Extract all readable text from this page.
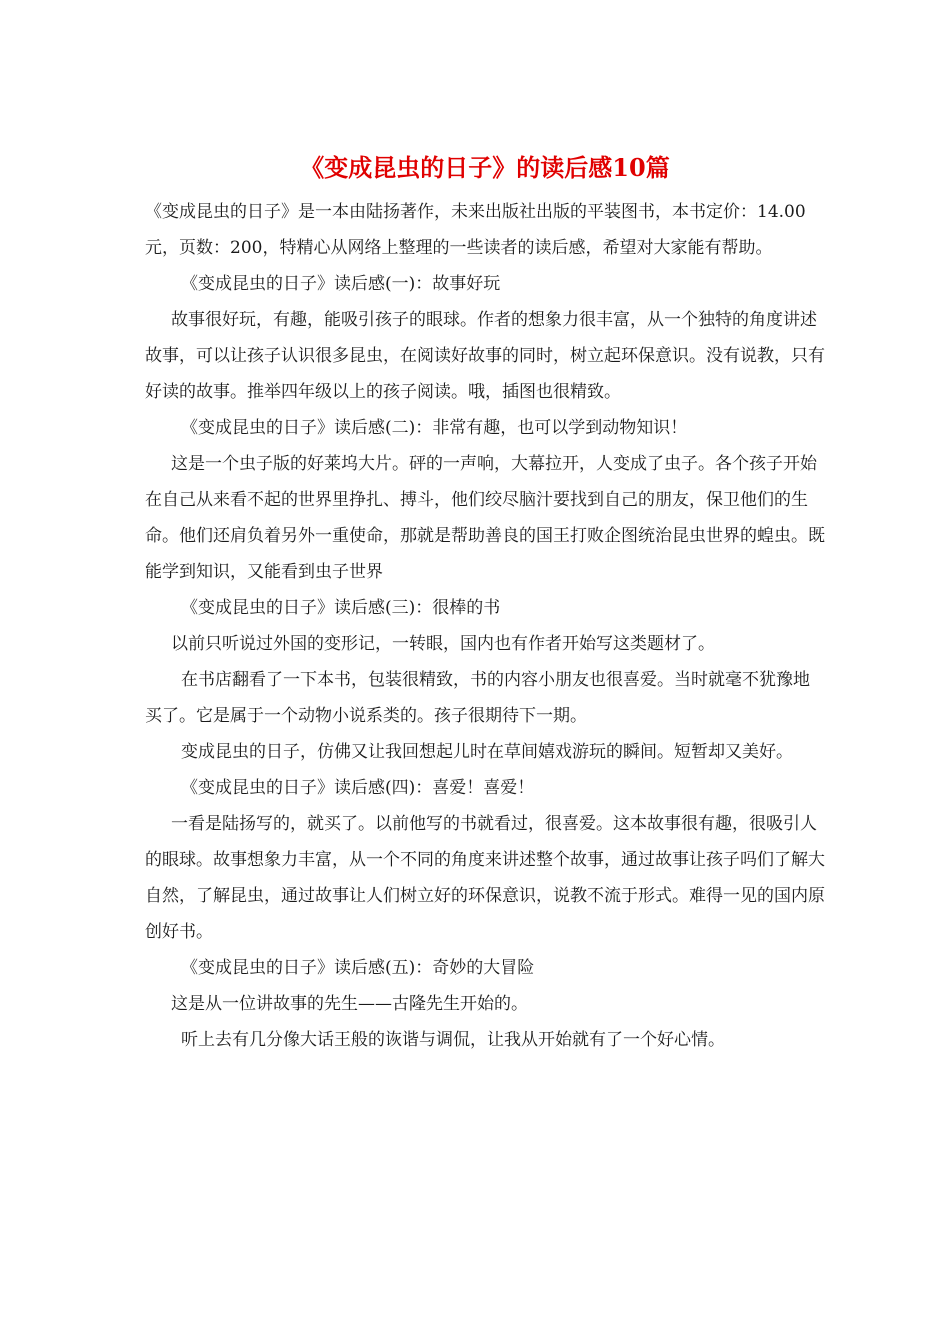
《变成昆虫的日子》的读后感10篇

《变成昆虫的日子》是一本由陆扬著作，未来出版社出版的平装图书，本书定价：14.00元，页数：200，特精心从网络上整理的一些读者的读后感，希望对大家能有帮助。

《变成昆虫的日子》读后感(一)：故事好玩

故事很好玩，有趣，能吸引孩子的眼球。作者的想象力很丰富，从一个独特的角度讲述故事，可以让孩子认识很多昆虫，在阅读好故事的同时，树立起环保意识。没有说教，只有好读的故事。推举四年级以上的孩子阅读。哦，插图也很精致。

《变成昆虫的日子》读后感(二)：非常有趣，也可以学到动物知识！

这是一个虫子版的好莱坞大片。砰的一声响，大幕拉开，人变成了虫子。各个孩子开始在自己从来看不起的世界里挣扎、搏斗，他们绞尽脑汁要找到自己的朋友，保卫他们的生命。他们还肩负着另外一重使命，那就是帮助善良的国王打败企图统治昆虫世界的蝗虫。既能学到知识，又能看到虫子世界

《变成昆虫的日子》读后感(三)：很棒的书

以前只听说过外国的变形记，一转眼，国内也有作者开始写这类题材了。

在书店翻看了一下本书，包装很精致，书的内容小朋友也很喜爱。当时就毫不犹豫地买了。它是属于一个动物小说系类的。孩子很期待下一期。

变成昆虫的日子，仿佛又让我回想起儿时在草间嬉戏游玩的瞬间。短暂却又美好。

《变成昆虫的日子》读后感(四)：喜爱！喜爱！

一看是陆扬写的，就买了。以前他写的书就看过，很喜爱。这本故事很有趣，很吸引人的眼球。故事想象力丰富，从一个不同的角度来讲述整个故事，通过故事让孩子吗们了解大自然，了解昆虫，通过故事让人们树立好的环保意识，说教不流于形式。难得一见的国内原创好书。

《变成昆虫的日子》读后感(五)：奇妙的大冒险

这是从一位讲故事的先生——古隆先生开始的。

听上去有几分像大话王般的诙谐与调侃，让我从开始就有了一个好心情。
